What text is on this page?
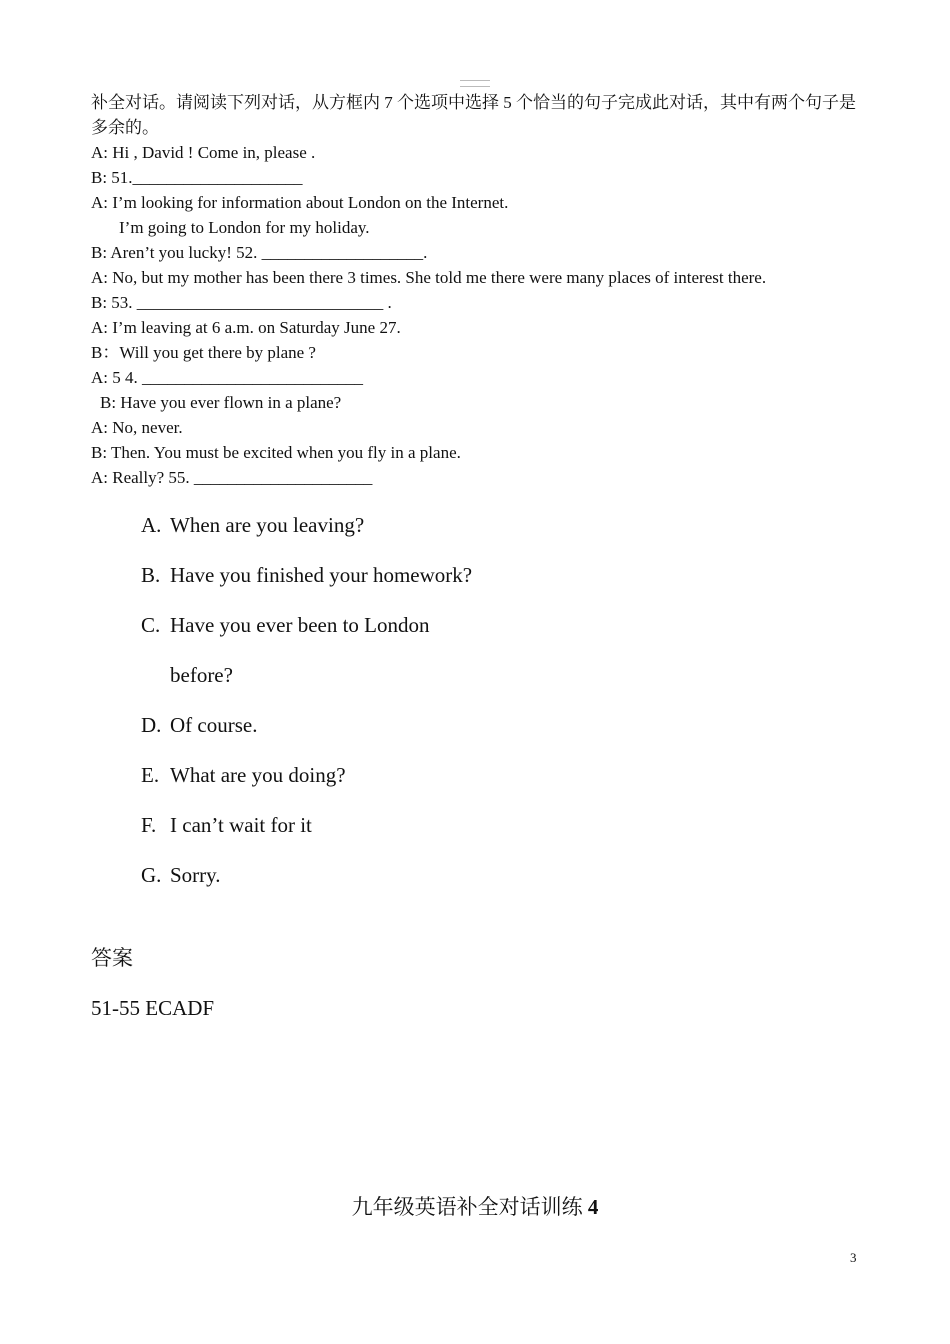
补全对话。请阅读下列对话，从方框内 7 个选项中选择 5 个恰当的句子完成此对话，其中有两个句子是多余的。
A: Hi , David ! Come in, please .
B: 51.____________________
A: I’m looking for information about London on the Internet.
I’m going to London for my holiday.
B: Aren’t you lucky! 52. ___________________.
A: No, but my mother has been there 3 times. She told me there were many places of interest there.
B: 53. _____________________________ .
A: I’m leaving at 6 a.m. on Saturday June 27.
B：Will you get there by plane ?
A: 5 4. __________________________
B: Have you ever flown in a plane?
A: No, never.
B: Then. You must be excited when you fly in a plane.
A: Really? 55. _____________________
A. When are you leaving?
B. Have you finished your homework?
C. Have you ever been to London
before?
D. Of course.
E. What are you doing?
F. I can’t wait for it
G. Sorry.
答案
51-55 ECADF
九年级英语补全对话训练 4
3
